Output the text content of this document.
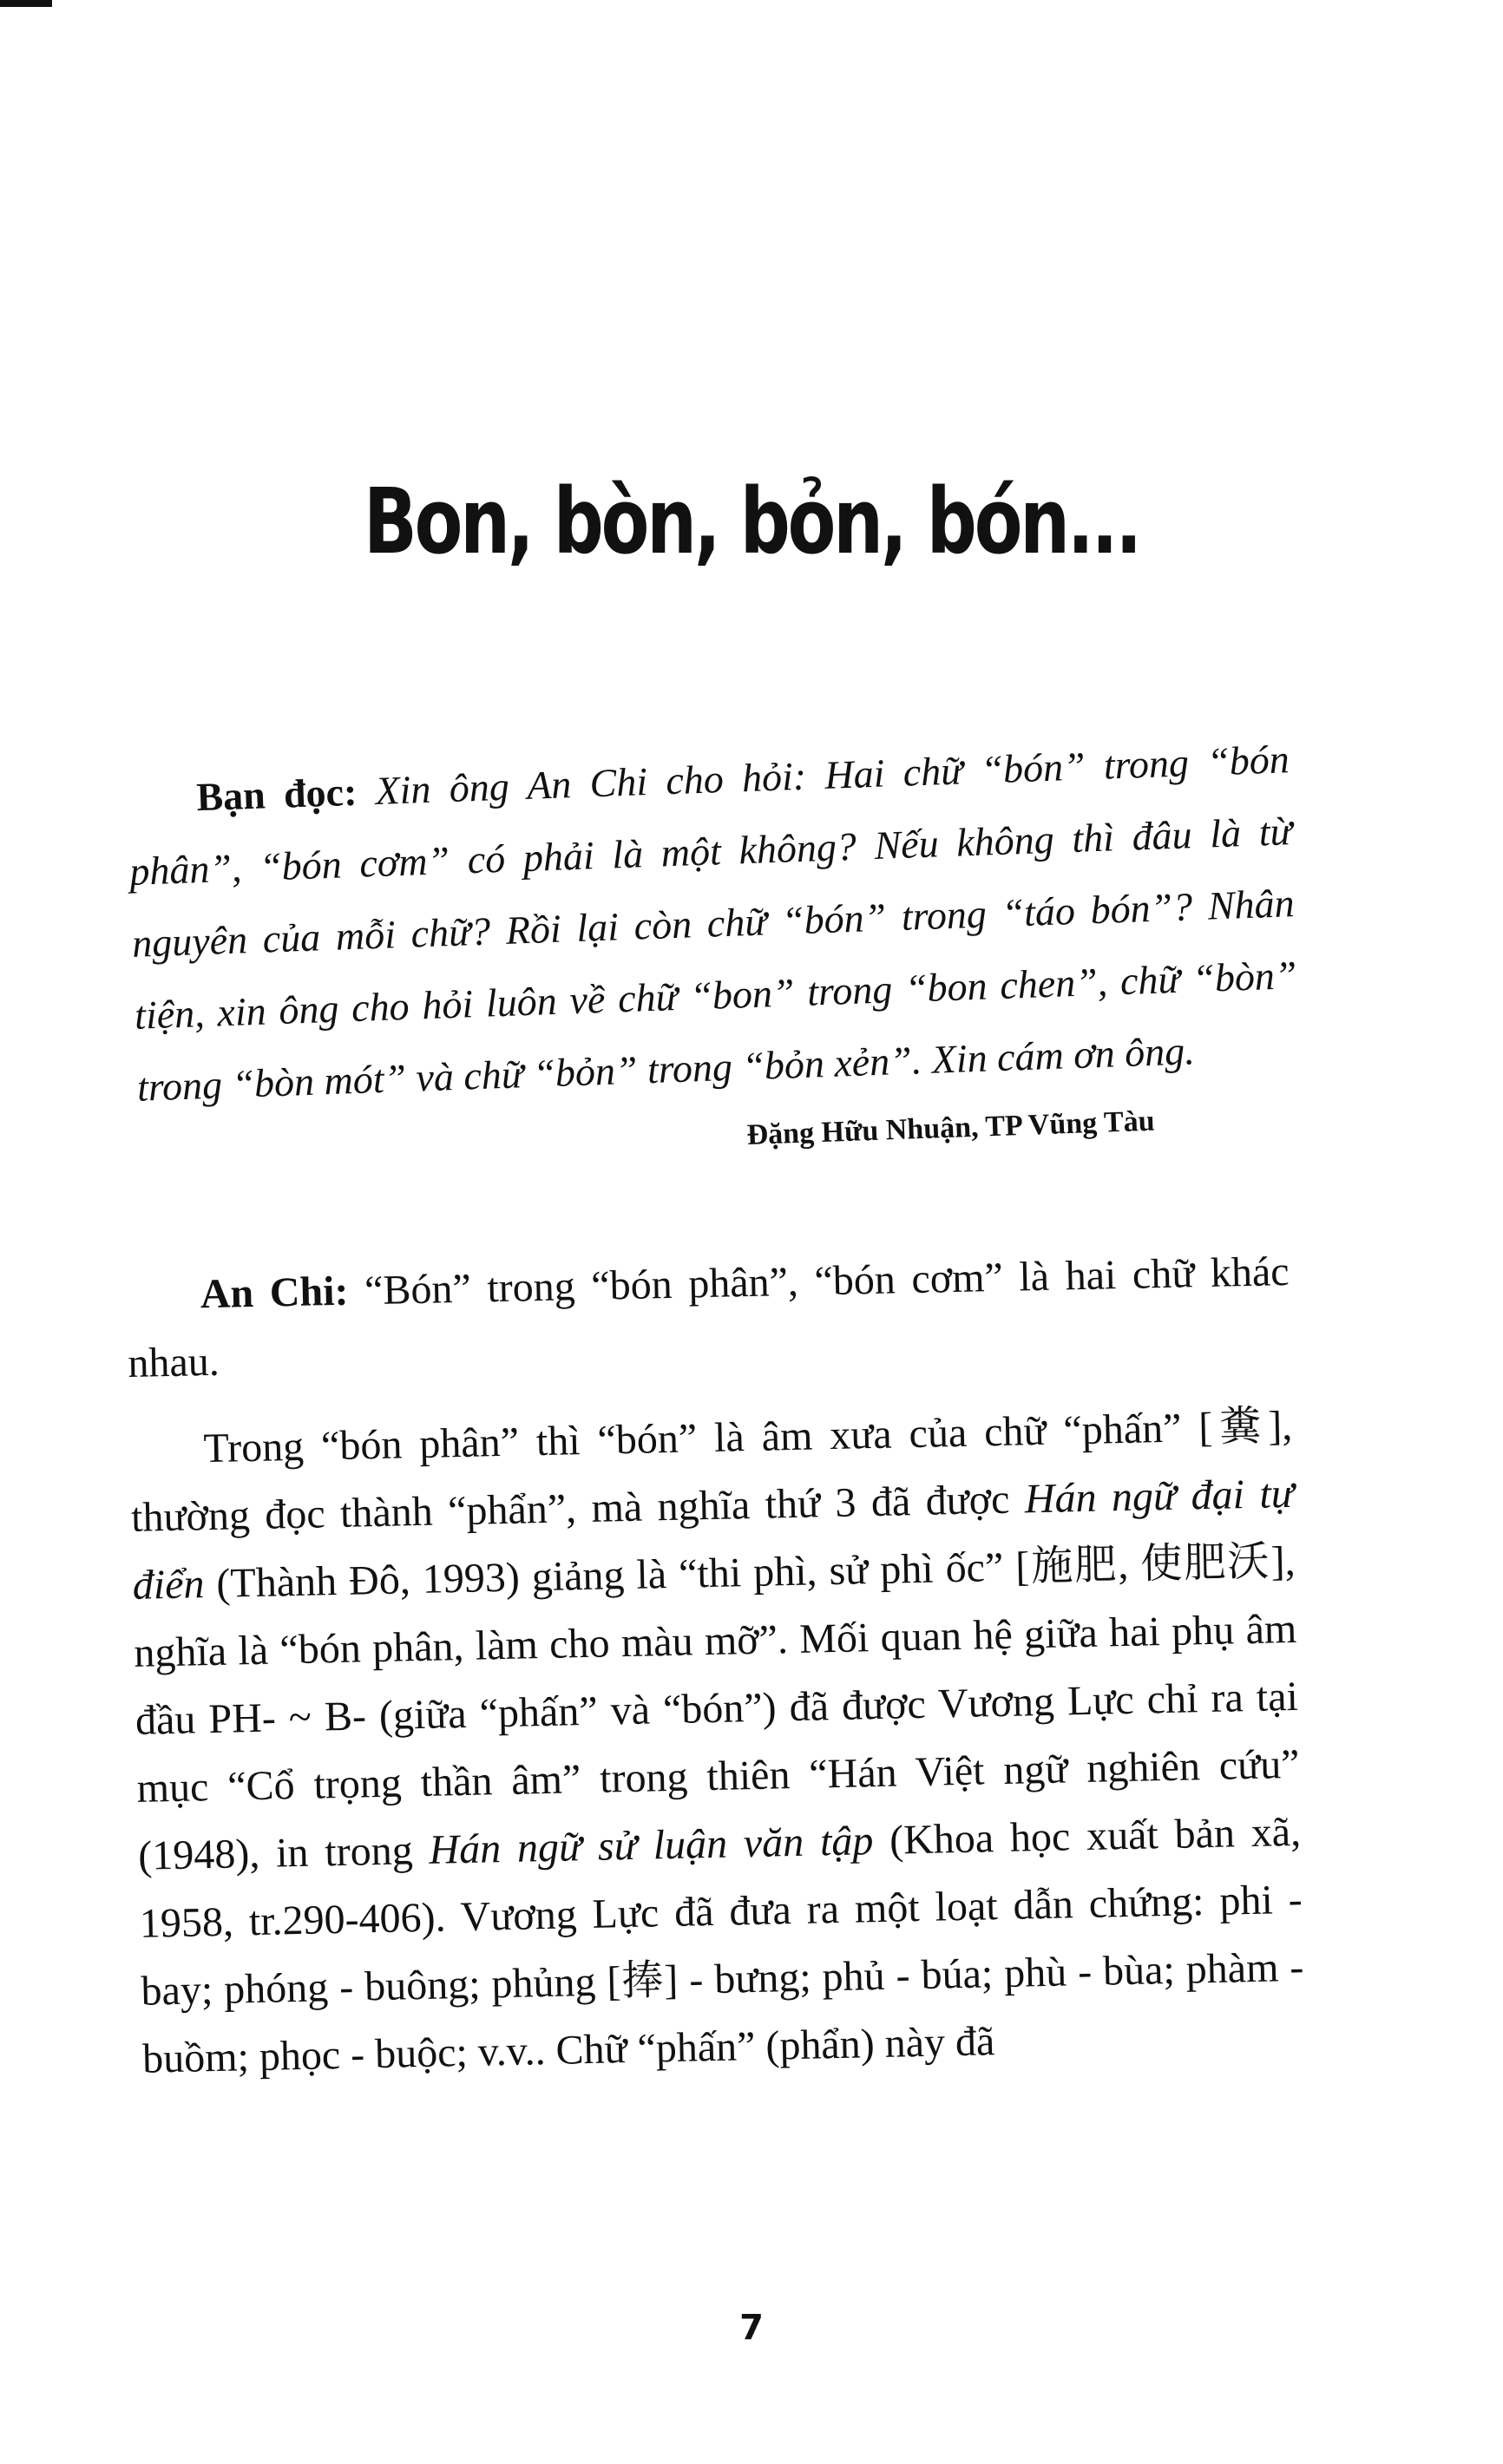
Bon, bòn, bỏn, bón...
Bạn đọc: Xin ông An Chi cho hỏi: Hai chữ “bón” trong “bón phân”, “bón cơm” có phải là một không? Nếu không thì đâu là từ nguyên của mỗi chữ? Rồi lại còn chữ “bón” trong “táo bón”? Nhân tiện, xin ông cho hỏi luôn về chữ “bon” trong “bon chen”, chữ “bòn” trong “bòn mót” và chữ “bỏn” trong “bỏn xẻn”. Xin cám ơn ông.
Đặng Hữu Nhuận, TP Vũng Tàu

An Chi: “Bón” trong “bón phân”, “bón cơm” là hai chữ khác nhau.

Trong “bón phân” thì “bón” là âm xưa của chữ “phấn” [糞], thường đọc thành “phẩn”, mà nghĩa thứ 3 đã được Hán ngữ đại tự điển (Thành Đô, 1993) giảng là “thi phì, sử phì ốc” [施肥, 使肥沃], nghĩa là “bón phân, làm cho màu mỡ”. Mối quan hệ giữa hai phụ âm đầu PH- ~ B- (giữa “phấn” và “bón”) đã được Vương Lực chỉ ra tại mục “Cổ trọng thần âm” trong thiên “Hán Việt ngữ nghiên cứu” (1948), in trong Hán ngữ sử luận văn tập (Khoa học xuất bản xã, 1958, tr.290-406). Vương Lực đã đưa ra một loạt dẫn chứng: phi - bay; phóng - buông; phủng [捧] - bưng; phủ - búa; phù - bùa; phàm - buồm; phọc - buộc; v.v.. Chữ “phấn” (phẩn) này đã

7
